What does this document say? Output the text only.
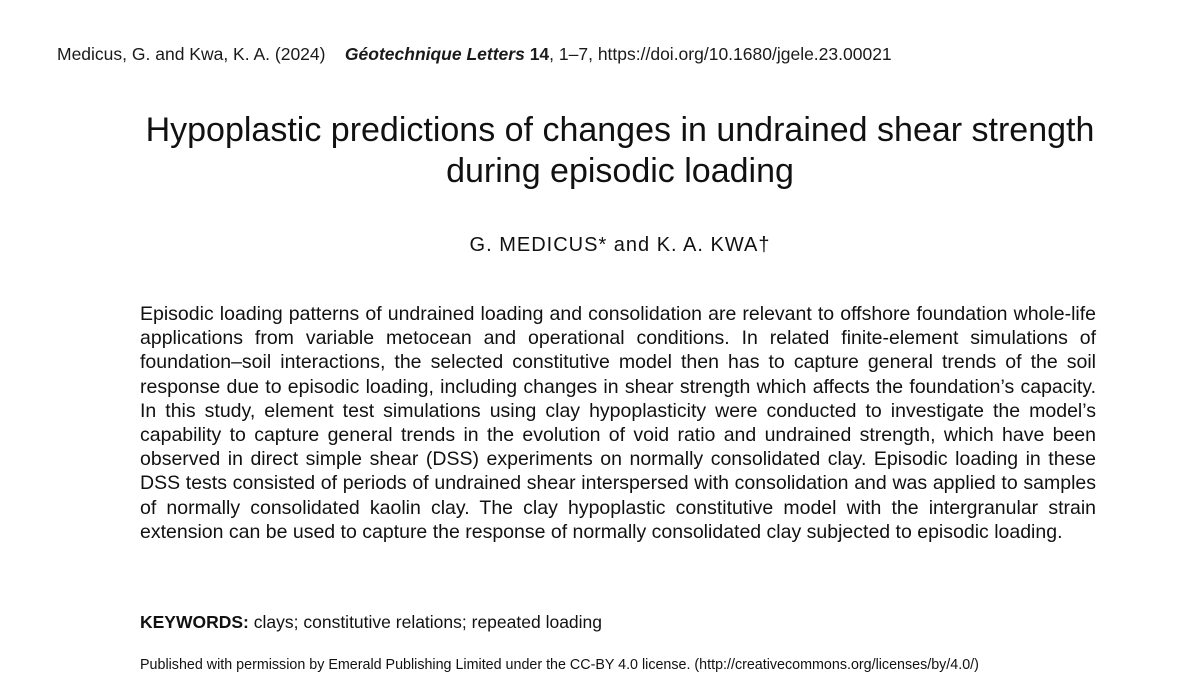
Medicus, G. and Kwa, K. A. (2024) Géotechnique Letters 14, 1–7, https://doi.org/10.1680/jgele.23.00021
Hypoplastic predictions of changes in undrained shear strength
during episodic loading
G. MEDICUS* and K. A. KWA†

Episodic loading patterns of undrained loading and consolidation are relevant to offshore foundation whole-life applications from variable metocean and operational conditions. In related finite-element simulations of foundation–soil interactions, the selected constitutive model then has to capture general trends of the soil response due to episodic loading, including changes in shear strength which affects the foundation’s capacity. In this study, element test simulations using clay hypoplasticity were conducted to investigate the model’s capability to capture general trends in the evolution of void ratio and undrained strength, which have been observed in direct simple shear (DSS) experiments on normally consolidated clay. Episodic loading in these DSS tests consisted of periods of undrained shear interspersed with consolidation and was applied to samples of normally consolidated kaolin clay. The clay hypoplastic constitutive model with the intergranular strain extension can be used to capture the response of normally consolidated clay subjected to episodic loading.

KEYWORDS: clays; constitutive relations; repeated loading
Published with permission by Emerald Publishing Limited under the CC-BY 4.0 license. (http://creativecommons.org/licenses/by/4.0/)
